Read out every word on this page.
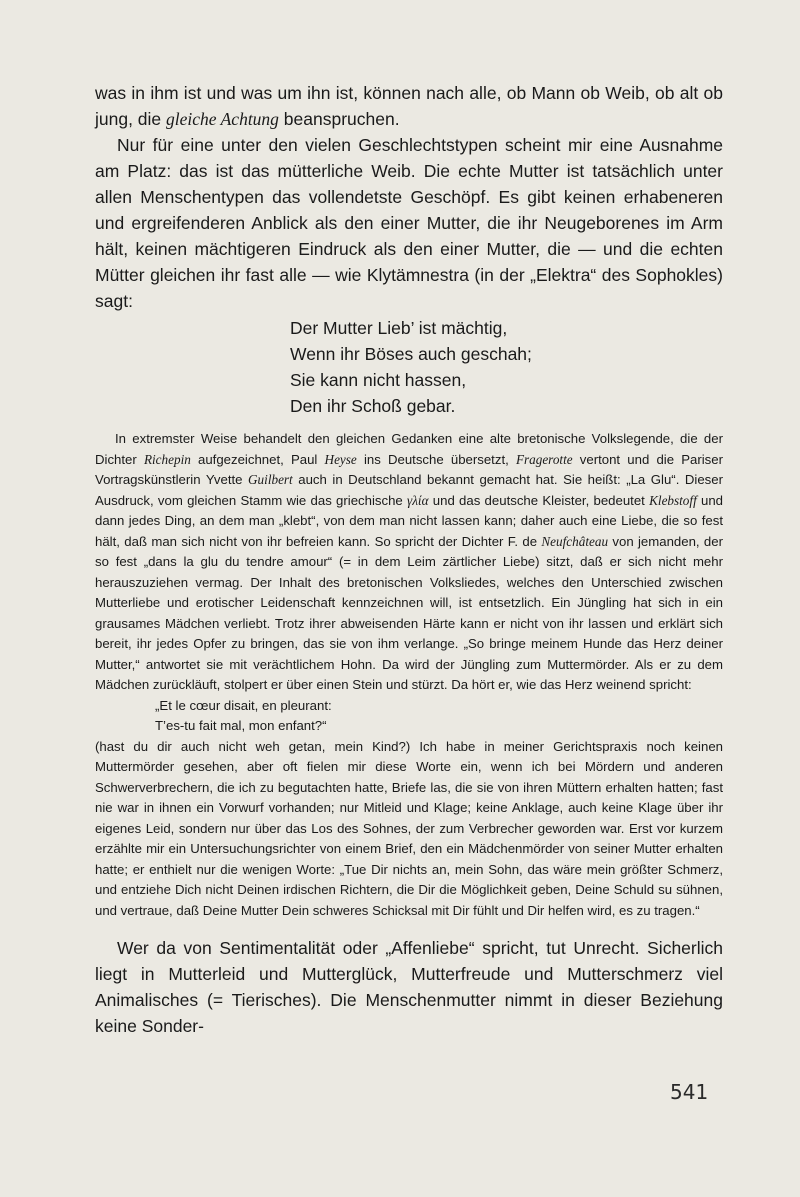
was in ihm ist und was um ihn ist, können nach alle, ob Mann ob Weib, ob alt ob jung, die gleiche Achtung beanspruchen.

Nur für eine unter den vielen Geschlechtstypen scheint mir eine Ausnahme am Platz: das ist das mütterliche Weib. Die echte Mutter ist tatsächlich unter allen Menschentypen das vollendetste Geschöpf. Es gibt keinen erhabeneren und ergreifenderen Anblick als den einer Mutter, die ihr Neugeborenes im Arm hält, keinen mächtigeren Eindruck als den einer Mutter, die — und die echten Mütter gleichen ihr fast alle — wie Klytämnestra (in der „Elektra“ des Sophokles) sagt:

Der Mutter Lieb’ ist mächtig,
Wenn ihr Böses auch geschah;
Sie kann nicht hassen,
Den ihr Schoß gebar.

In extremster Weise behandelt den gleichen Gedanken eine alte bretonische Volkslegende, die der Dichter Richepin aufgezeichnet, Paul Heyse ins Deutsche übersetzt, Fragerotte vertont und die Pariser Vortragskünstlerin Yvette Guilbert auch in Deutschland bekannt gemacht hat. Sie heißt: „La Glu“. Dieser Ausdruck, vom gleichen Stamm wie das griechische γλία und das deutsche Kleister, bedeutet Klebstoff und dann jedes Ding, an dem man „klebt“, von dem man nicht lassen kann; daher auch eine Liebe, die so fest hält, daß man sich nicht von ihr befreien kann. So spricht der Dichter F. de Neufchâteau von jemanden, der so fest „dans la glu du tendre amour“ (= in dem Leim zärtlicher Liebe) sitzt, daß er sich nicht mehr herauszuziehen vermag. Der Inhalt des bretonischen Volksliedes, welches den Unterschied zwischen Mutterliebe und erotischer Leidenschaft kennzeichnen will, ist entsetzlich. Ein Jüngling hat sich in ein grausames Mädchen verliebt. Trotz ihrer abweisenden Härte kann er nicht von ihr lassen und erklärt sich bereit, ihr jedes Opfer zu bringen, das sie von ihm verlange. „So bringe meinem Hunde das Herz deiner Mutter,“ antwortet sie mit verächtlichem Hohn. Da wird der Jüngling zum Muttermörder. Als er zu dem Mädchen zurückläuft, stolpert er über einen Stein und stürzt. Da hört er, wie das Herz weinend spricht:

„Et le cœur disait, en pleurant:
T’es-tu fait mal, mon enfant?“

(hast du dir auch nicht weh getan, mein Kind?) Ich habe in meiner Gerichtspraxis noch keinen Muttermörder gesehen, aber oft fielen mir diese Worte ein, wenn ich bei Mördern und anderen Schwerverbrechern, die ich zu begutachten hatte, Briefe las, die sie von ihren Müttern erhalten hatten; fast nie war in ihnen ein Vorwurf vorhanden; nur Mitleid und Klage; keine Anklage, auch keine Klage über ihr eigenes Leid, sondern nur über das Los des Sohnes, der zum Verbrecher geworden war. Erst vor kurzem erzählte mir ein Untersuchungsrichter von einem Brief, den ein Mädchenmörder von seiner Mutter erhalten hatte; er enthielt nur die wenigen Worte: „Tue Dir nichts an, mein Sohn, das wäre mein größter Schmerz, und entziehe Dich nicht Deinen irdischen Richtern, die Dir die Möglichkeit geben, Deine Schuld su sühnen, und vertraue, daß Deine Mutter Dein schweres Schicksal mit Dir fühlt und Dir helfen wird, es zu tragen.“

Wer da von Sentimentalität oder „Affenliebe“ spricht, tut Unrecht. Sicherlich liegt in Mutterleid und Mutterglück, Mutterfreude und Mutterschmerz viel Animalisches (= Tierisches). Die Menschenmutter nimmt in dieser Beziehung keine Sonder-

541
